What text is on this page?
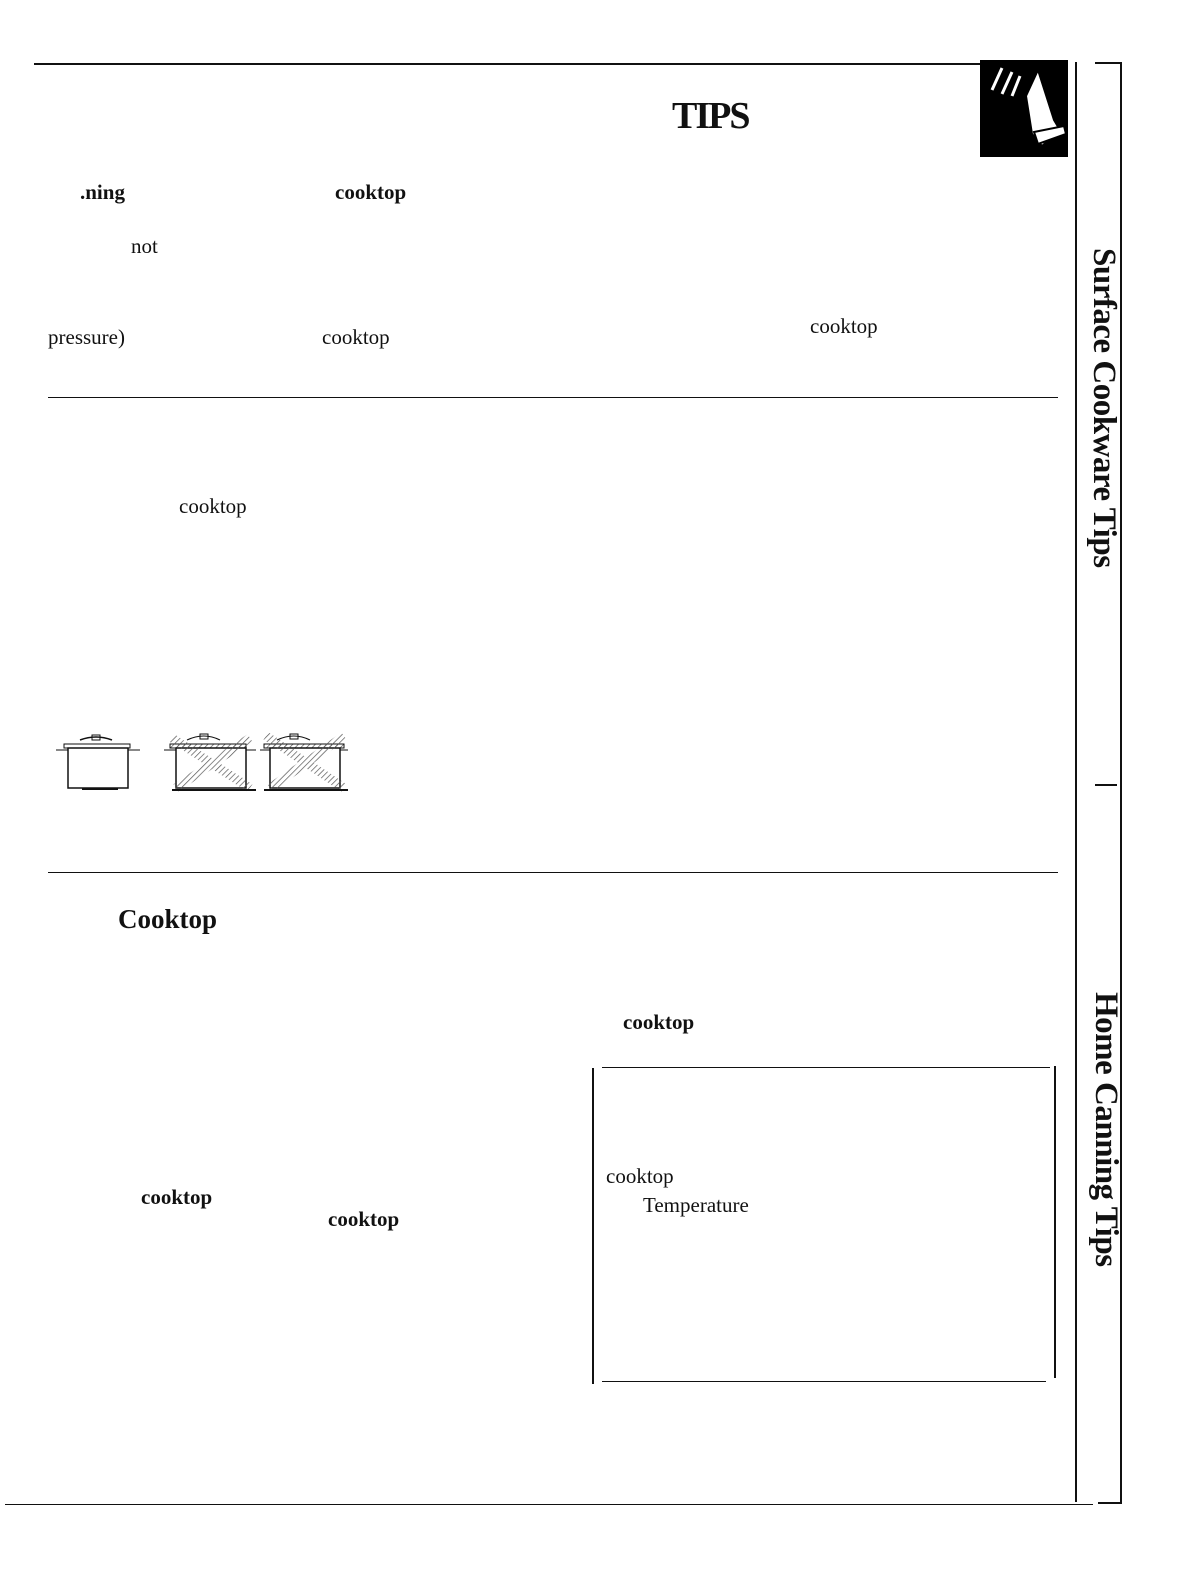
TIPS
.ning	cooktop
not
pressure)	cooktop	cooktop
cooktop
Cooktop
cooktop
cooktop
cooktop
cooktop
Temperature
Surface Cookware Tips
Home Canning Tips
